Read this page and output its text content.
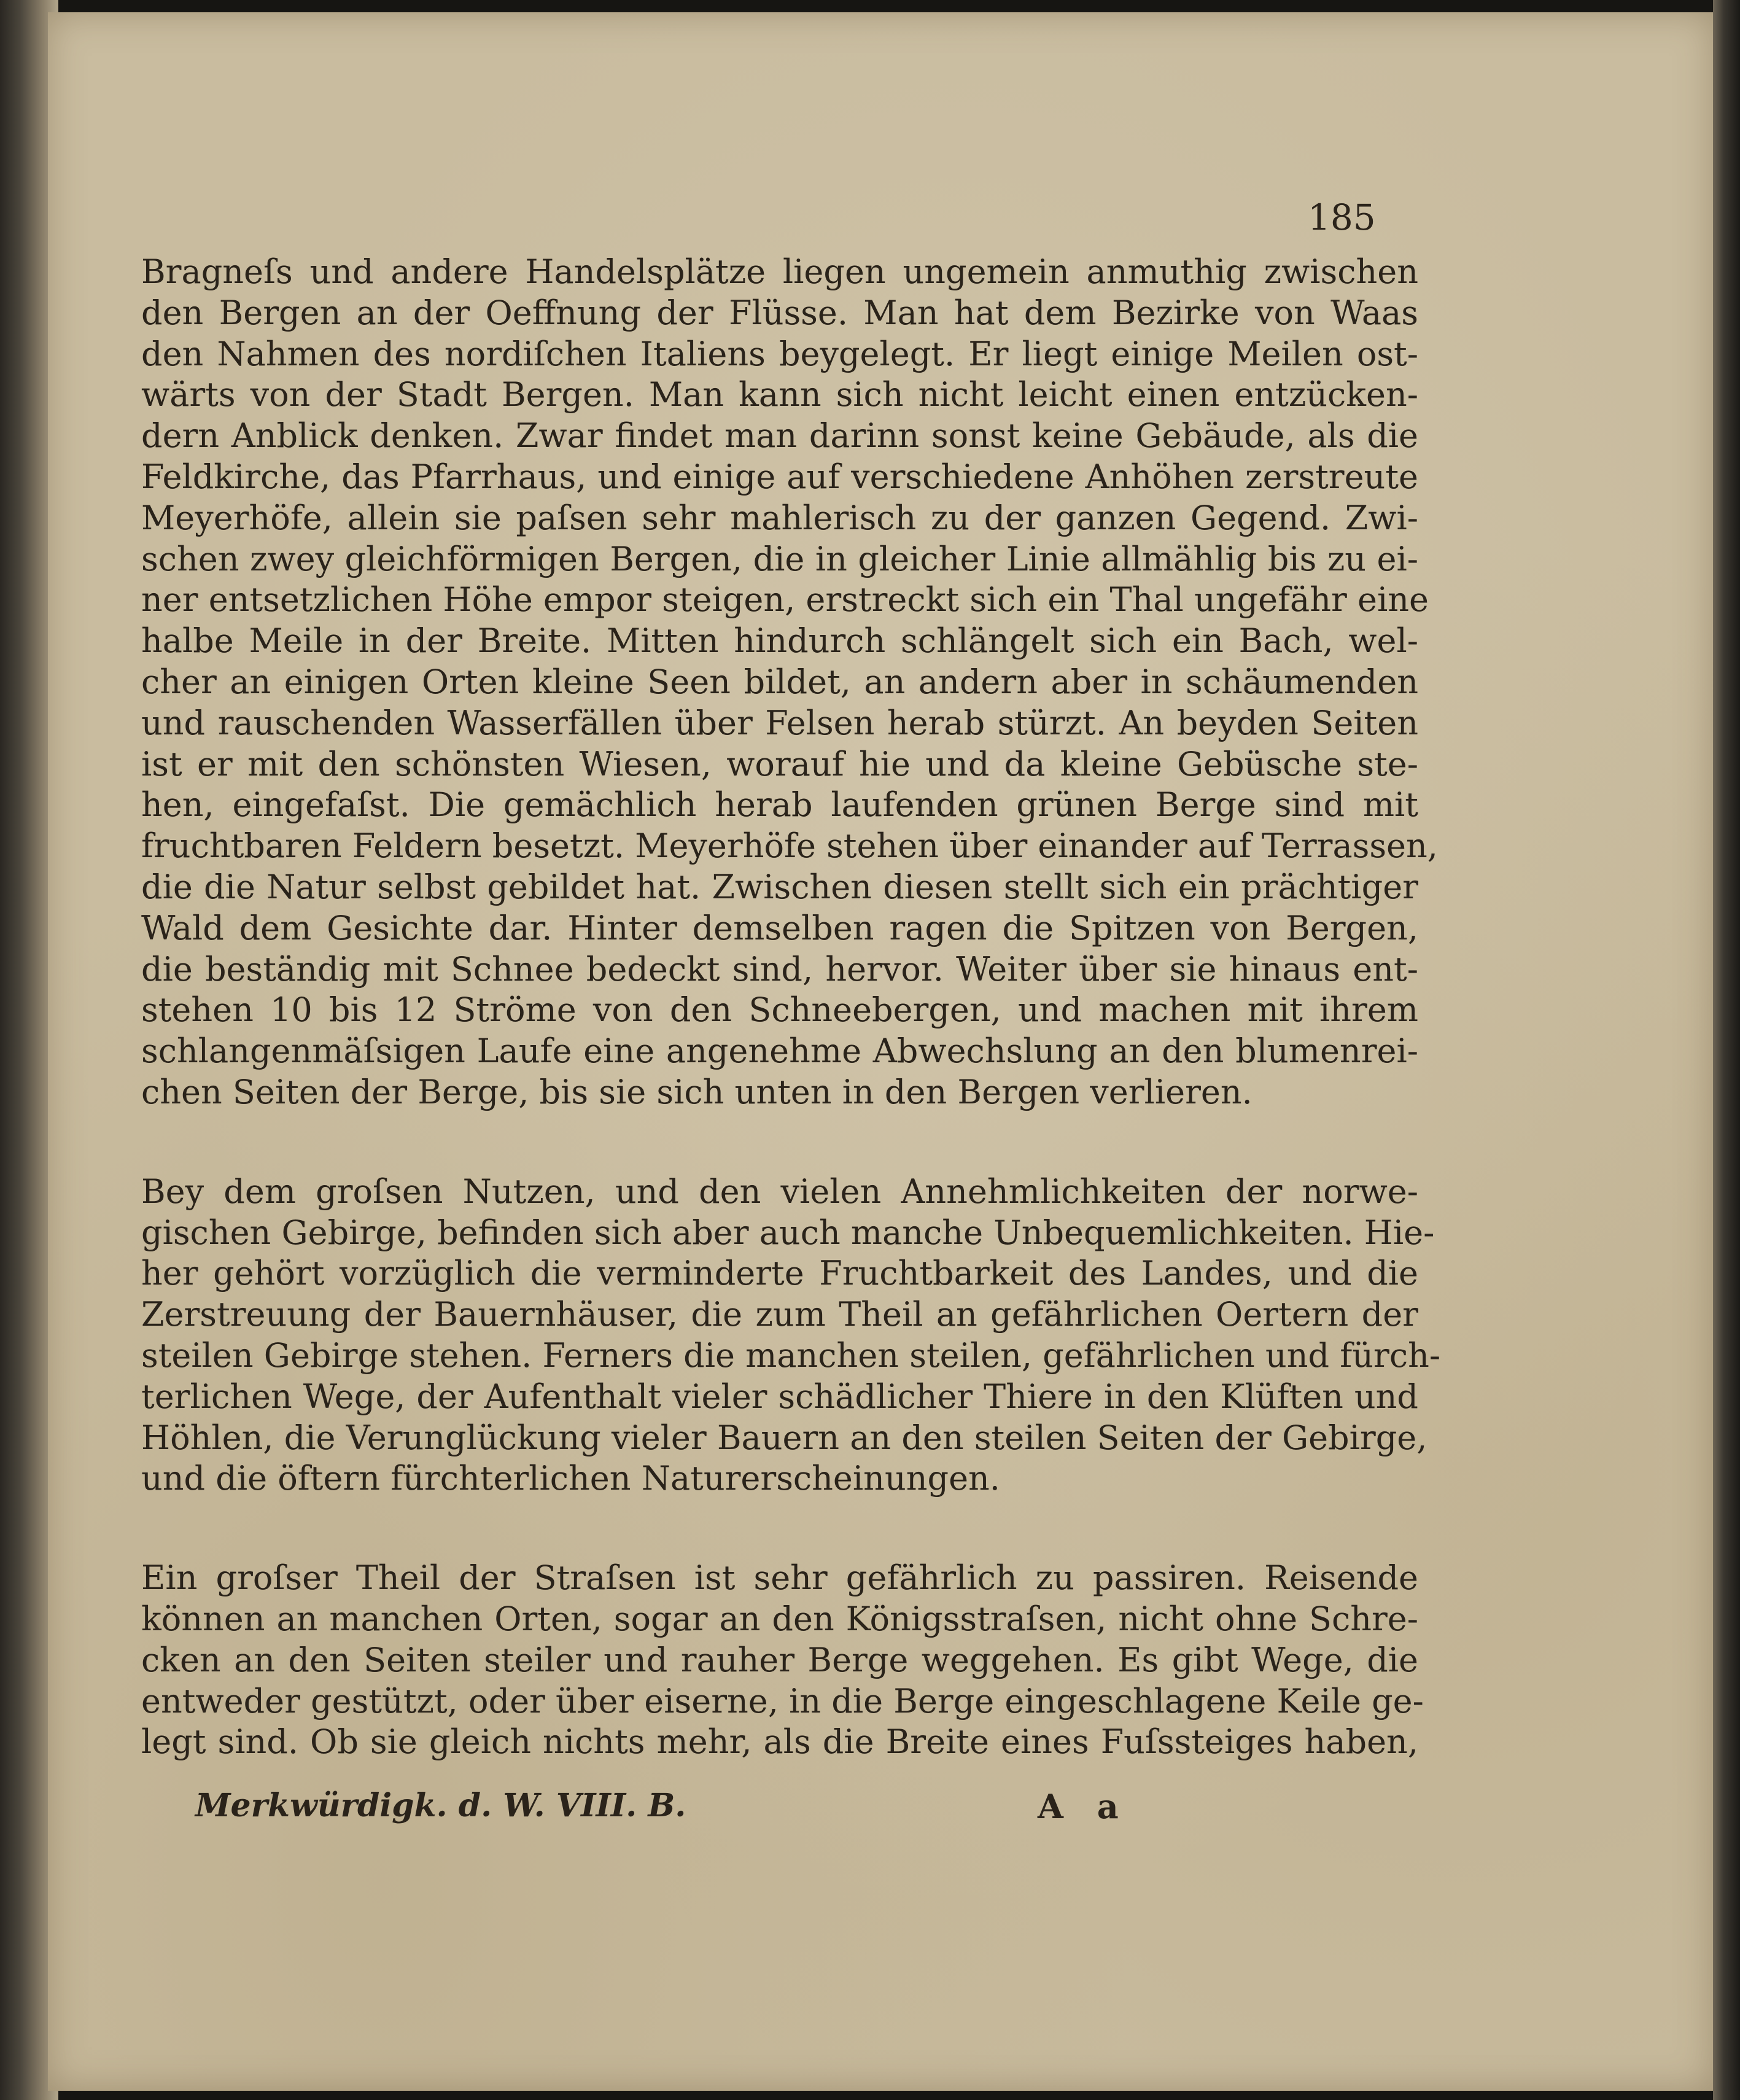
185
Bragneſs und andere Handelsplätze liegen ungemein anmuthig zwischen
den Bergen an der Oeffnung der Flüsse. Man hat dem Bezirke von Waas
den Nahmen des nordiſchen Italiens beygelegt. Er liegt einige Meilen ost-
wärts von der Stadt Bergen. Man kann sich nicht leicht einen entzücken-
dern Anblick denken. Zwar findet man darinn sonst keine Gebäude, als die
Feldkirche, das Pfarrhaus, und einige auf verschiedene Anhöhen zerstreute
Meyerhöfe, allein sie paſsen sehr mahlerisch zu der ganzen Gegend. Zwi-
schen zwey gleichförmigen Bergen, die in gleicher Linie allmählig bis zu ei-
ner entsetzlichen Höhe empor steigen, erstreckt sich ein Thal ungefähr eine
halbe Meile in der Breite. Mitten hindurch schlängelt sich ein Bach, wel-
cher an einigen Orten kleine Seen bildet, an andern aber in schäumenden
und rauschenden Wasserfällen über Felsen herab stürzt. An beyden Seiten
ist er mit den schönsten Wiesen, worauf hie und da kleine Gebüsche ste-
hen, eingefaſst. Die gemächlich herab laufenden grünen Berge sind mit
fruchtbaren Feldern besetzt. Meyerhöfe stehen über einander auf Terrassen,
die die Natur selbst gebildet hat. Zwischen diesen stellt sich ein prächtiger
Wald dem Gesichte dar. Hinter demselben ragen die Spitzen von Bergen,
die beständig mit Schnee bedeckt sind, hervor. Weiter über sie hinaus ent-
stehen 10 bis 12 Ströme von den Schneebergen, und machen mit ihrem
schlangenmäſsigen Laufe eine angenehme Abwechslung an den blumenrei-
chen Seiten der Berge, bis sie sich unten in den Bergen verlieren.
Bey dem groſsen Nutzen, und den vielen Annehmlichkeiten der norwe-
gischen Gebirge, befinden sich aber auch manche Unbequemlichkeiten. Hie-
her gehört vorzüglich die verminderte Fruchtbarkeit des Landes, und die
Zerstreuung der Bauernhäuser, die zum Theil an gefährlichen Oertern der
steilen Gebirge stehen. Ferners die manchen steilen, gefährlichen und fürch-
terlichen Wege, der Aufenthalt vieler schädlicher Thiere in den Klüften und
Höhlen, die Verunglückung vieler Bauern an den steilen Seiten der Gebirge,
und die öftern fürchterlichen Naturerscheinungen.
Ein groſser Theil der Straſsen ist sehr gefährlich zu passiren. Reisende
können an manchen Orten, sogar an den Königsstraſsen, nicht ohne Schre-
cken an den Seiten steiler und rauher Berge weggehen. Es gibt Wege, die
entweder gestützt, oder über eiserne, in die Berge eingeschlagene Keile ge-
legt sind. Ob sie gleich nichts mehr, als die Breite eines Fuſssteiges haben,
Merkwürdigk. d. W. VIII. B.	A a
